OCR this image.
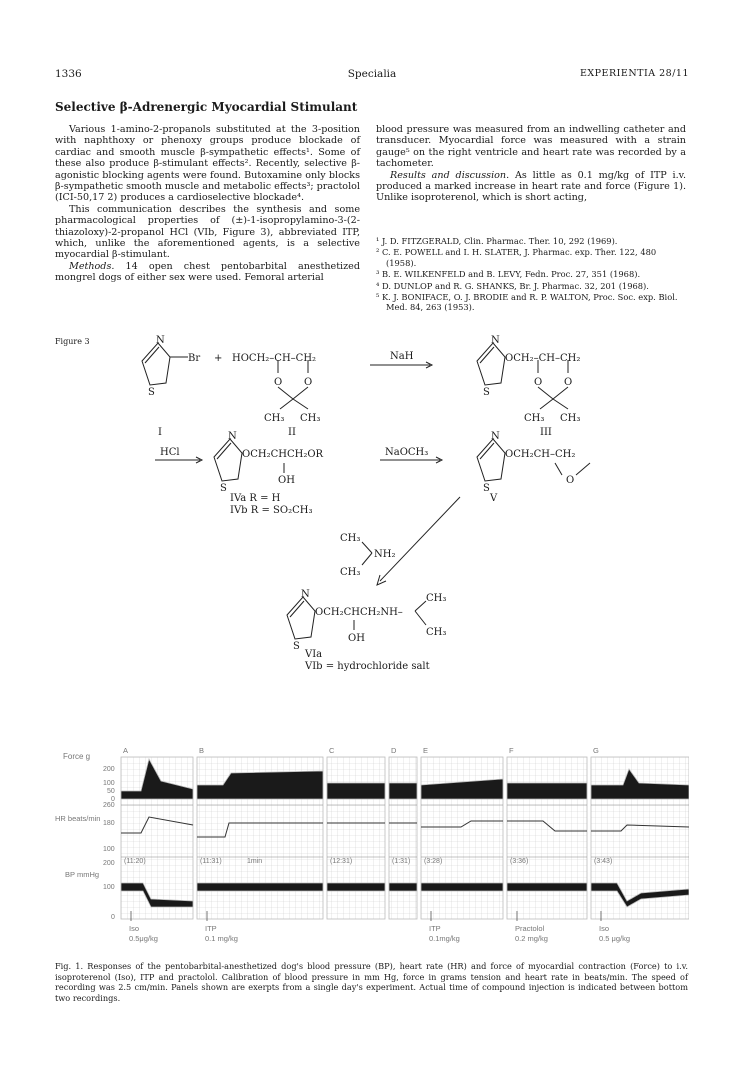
1336	Specialia	EXPERIENTIA 28/11
Selective β-Adrenergic Myocardial Stimulant

Various 1-amino-2-propanols substituted at the 3-position with naphthoxy or phenoxy groups produce blockade of cardiac and smooth muscle β-sympathetic effects¹. Some of these also produce β-stimulant effects². Recently, selective β-agonistic blocking agents were found. Butoxamine only blocks β-sympathetic smooth muscle and metabolic effects³; practolol (ICI-50,17 2) produces a cardioselective blockade⁴.

This communication describes the synthesis and some pharmacological properties of (±)-1-isopropylamino-3-(2-thiazoloxy)-2-propanol HCl (VIb, Figure 3), abbreviated ITP, which, unlike the aforementioned agents, is a selective myocardial β-stimulant.

Methods. 14 open chest pentobarbital anesthetized mongrel dogs of either sex were used. Femoral arterial

blood pressure was measured from an indwelling catheter and transducer. Myocardial force was measured with a strain gauge⁵ on the right ventricle and heart rate was recorded by a tachometer.

Results and discussion. As little as 0.1 mg/kg of ITP i.v. produced a marked increase in heart rate and force (Figure 1). Unlike isoproterenol, which is short acting,

¹ J. D. FITZGERALD, Clin. Pharmac. Ther. 10, 292 (1969).
² C. E. POWELL and I. H. SLATER, J. Pharmac. exp. Ther. 122, 480 (1958).
³ B. E. WILKENFELD and B. LEVY, Fedn. Proc. 27, 351 (1968).
⁴ D. DUNLOP and R. G. SHANKS, Br. J. Pharmac. 32, 201 (1968).
⁵ K. J. BONIFACE, O. J. BRODIE and R. P. WALTON, Proc. Soc. exp. Biol. Med. 84, 263 (1953).
Figure 3	N
S
Br + HOCH₂–CH–CH₂
O O
CH₃ CH₃
I	II
NaH
N
S
OCH₂–CH–CH₂
O O
CH₃ CH₃
III
HCl
N
S
OCH₂CHCH₂OR
OH
IVa R = H
IVb R = SO₂CH₃
NaOCH₃
N
S
OCH₂CH–CH₂
O
V
CH₃
NH₂
CH₃
N
S
OCH₂CHCH₂NH–
OH
CH₃
CH₃
VIa
VIb = hydrochloride salt
Force g
HR beats/min
BP mmHg
200
100
50
0
260
180
100
200
100
0
A
(11:20)
Iso
0.5μg/kg
B
(11:31)
ITP
0.1 mg/kg
C
(12:31)
D
(1:31)
E
(3:28)
ITP
0.1mg/kg
F
(3:36)
Practolol
0.2 mg/kg
G
(3:43)
Iso
0.5 μg/kg
1min
Fig. 1. Responses of the pentobarbital-anesthetized dog's blood pressure (BP), heart rate (HR) and force of myocardial contraction (Force) to i.v. isoproterenol (Iso), ITP and practolol. Calibration of blood pressure in mm Hg, force in grams tension and heart rate in beats/min. The speed of recording was 2.5 cm/min. Panels shown are exerpts from a single day's experiment. Actual time of compound injection is indicated between bottom two recordings.
